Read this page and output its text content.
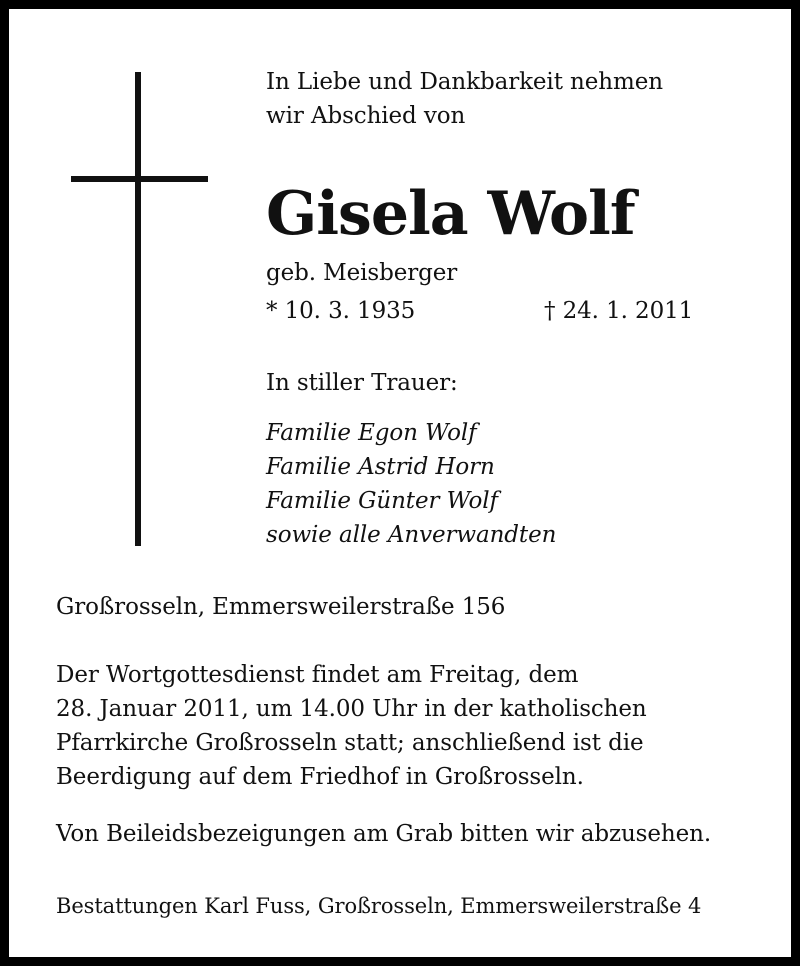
In Liebe und Dankbarkeit nehmen
wir Abschied von
Gisela Wolf
geb. Meisberger
* 10. 3. 1935	† 24. 1. 2011
In stiller Trauer:
Familie Egon Wolf
Familie Astrid Horn
Familie Günter Wolf
sowie alle Anverwandten
Großrosseln, Emmersweilerstraße 156
Der Wortgottesdienst findet am Freitag, dem
28. Januar 2011, um 14.00 Uhr in der katholischen
Pfarrkirche Großrosseln statt; anschließend ist die
Beerdigung auf dem Friedhof in Großrosseln.
Von Beileidsbezeigungen am Grab bitten wir abzusehen.
Bestattungen Karl Fuss, Großrosseln, Emmersweilerstraße 4
